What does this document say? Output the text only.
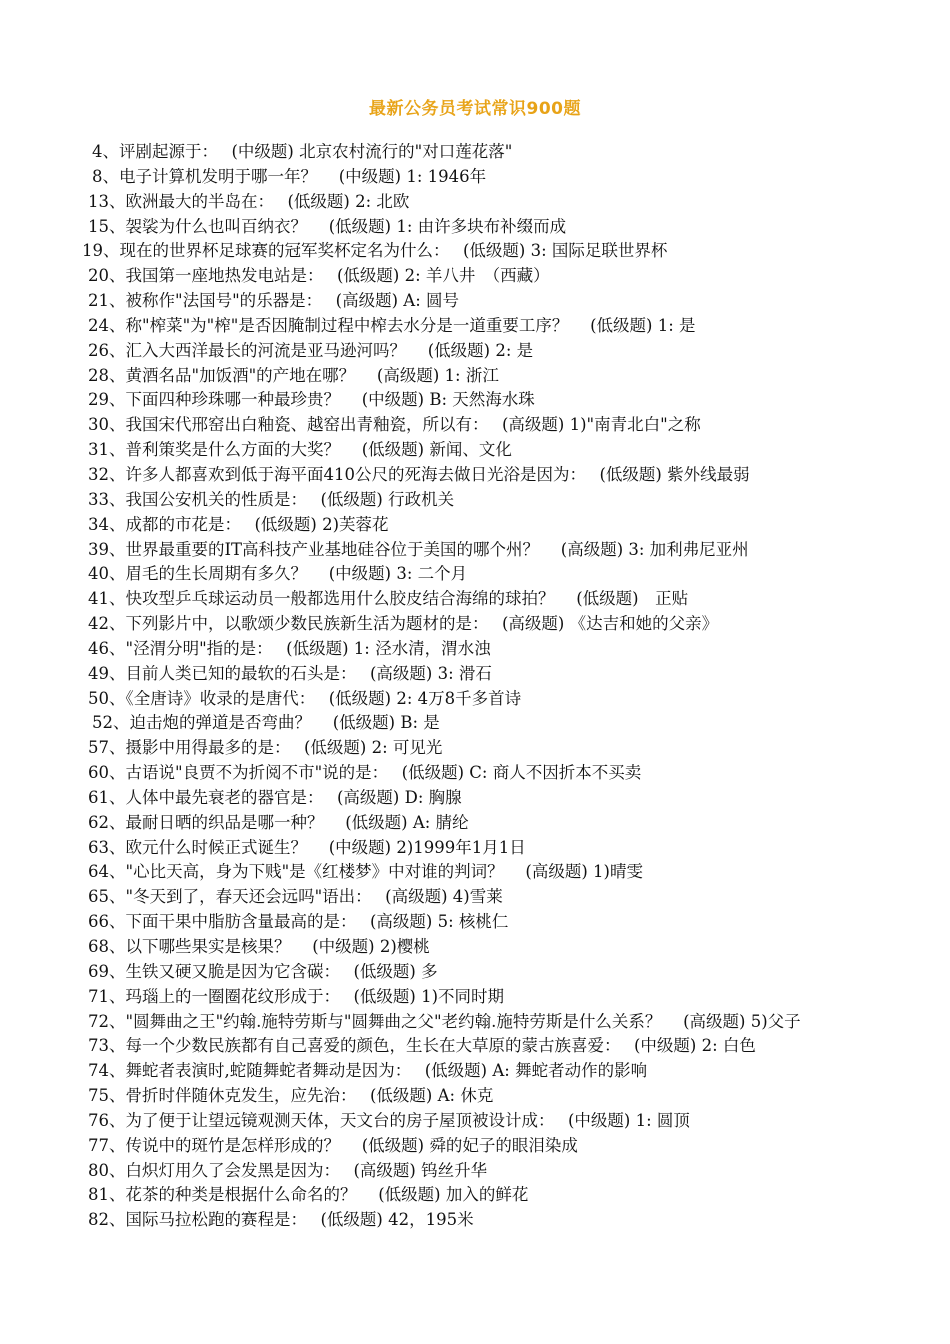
最新公务员考试常识900题
4、评剧起源于：　 (中级题) 北京农村流行的"对口莲花落"
8、电子计算机发明于哪一年？　 (中级题) 1: 1946年
13、欧洲最大的半岛在：　 (低级题) 2: 北欧
15、袈裟为什么也叫百纳衣？　 (低级题) 1: 由许多块布补缀而成
19、现在的世界杯足球赛的冠军奖杯定名为什么：　 (低级题) 3: 国际足联世界杯
20、我国第一座地热发电站是：　 (低级题) 2: 羊八井　（西藏）
21、被称作"法国号"的乐器是：　 (高级题) A: 圆号
24、称"榨菜"为"榨"是否因腌制过程中榨去水分是一道重要工序？　 (低级题) 1: 是
26、汇入大西洋最长的河流是亚马逊河吗？　 (低级题) 2: 是
28、黄酒名品"加饭酒"的产地在哪？　 (高级题) 1: 浙江
29、下面四种珍珠哪一种最珍贵？　 (中级题) B: 天然海水珠
30、我国宋代邢窑出白釉瓷、越窑出青釉瓷，所以有：　 (高级题) 1)"南青北白"之称
31、普利策奖是什么方面的大奖？　 (低级题) 新闻、文化
32、许多人都喜欢到低于海平面410公尺的死海去做日光浴是因为：　 (低级题) 紫外线最弱
33、我国公安机关的性质是：　 (低级题) 行政机关
34、成都的市花是：　 (低级题) 2)芙蓉花
39、世界最重要的IT高科技产业基地硅谷位于美国的哪个州？　 (高级题) 3: 加利弗尼亚州
40、眉毛的生长周期有多久？　 (中级题) 3: 二个月
41、快攻型乒乓球运动员一般都选用什么胶皮结合海绵的球拍？　 (低级题)　正贴
42、下列影片中，以歌颂少数民族新生活为题材的是：　 (高级题) 《达吉和她的父亲》
46、"泾渭分明"指的是：　 (低级题) 1: 泾水清，渭水浊
49、目前人类已知的最软的石头是：　 (高级题) 3: 滑石
50、《全唐诗》收录的是唐代：　 (低级题) 2: 4万8千多首诗
52、迫击炮的弹道是否弯曲？　 (低级题) B: 是
57、摄影中用得最多的是：　 (低级题) 2: 可见光
60、古语说"良贾不为折阅不市"说的是：　 (低级题) C: 商人不因折本不买卖
61、人体中最先衰老的器官是：　 (高级题) D: 胸腺
62、最耐日晒的织品是哪一种？　 (低级题) A: 腈纶
63、欧元什么时候正式诞生？　 (中级题) 2)1999年1月1日
64、"心比天高，身为下贱"是《红楼梦》中对谁的判词？　 (高级题) 1)晴雯
65、"冬天到了，春天还会远吗"语出：　 (高级题) 4)雪莱
66、下面干果中脂肪含量最高的是：　 (高级题) 5: 核桃仁
68、以下哪些果实是核果？　 (中级题) 2)樱桃
69、生铁又硬又脆是因为它含碳：　 (低级题) 多
71、玛瑙上的一圈圈花纹形成于：　 (低级题) 1)不同时期
72、"圆舞曲之王"约翰.施特劳斯与"圆舞曲之父"老约翰.施特劳斯是什么关系？　 (高级题) 5)父子
73、每一个少数民族都有自己喜爱的颜色，生长在大草原的蒙古族喜爱：　 (中级题) 2: 白色
74、舞蛇者表演时,蛇随舞蛇者舞动是因为：　 (低级题) A: 舞蛇者动作的影响
75、骨折时伴随休克发生，应先治：　 (低级题) A: 休克
76、为了便于让望远镜观测天体，天文台的房子屋顶被设计成：　 (中级题) 1: 圆顶
77、传说中的斑竹是怎样形成的？　 (低级题) 舜的妃子的眼泪染成
80、白炽灯用久了会发黑是因为：　 (高级题) 钨丝升华
81、花茶的种类是根据什么命名的？　 (低级题) 加入的鲜花
82、国际马拉松跑的赛程是：　 (低级题) 42，195米
